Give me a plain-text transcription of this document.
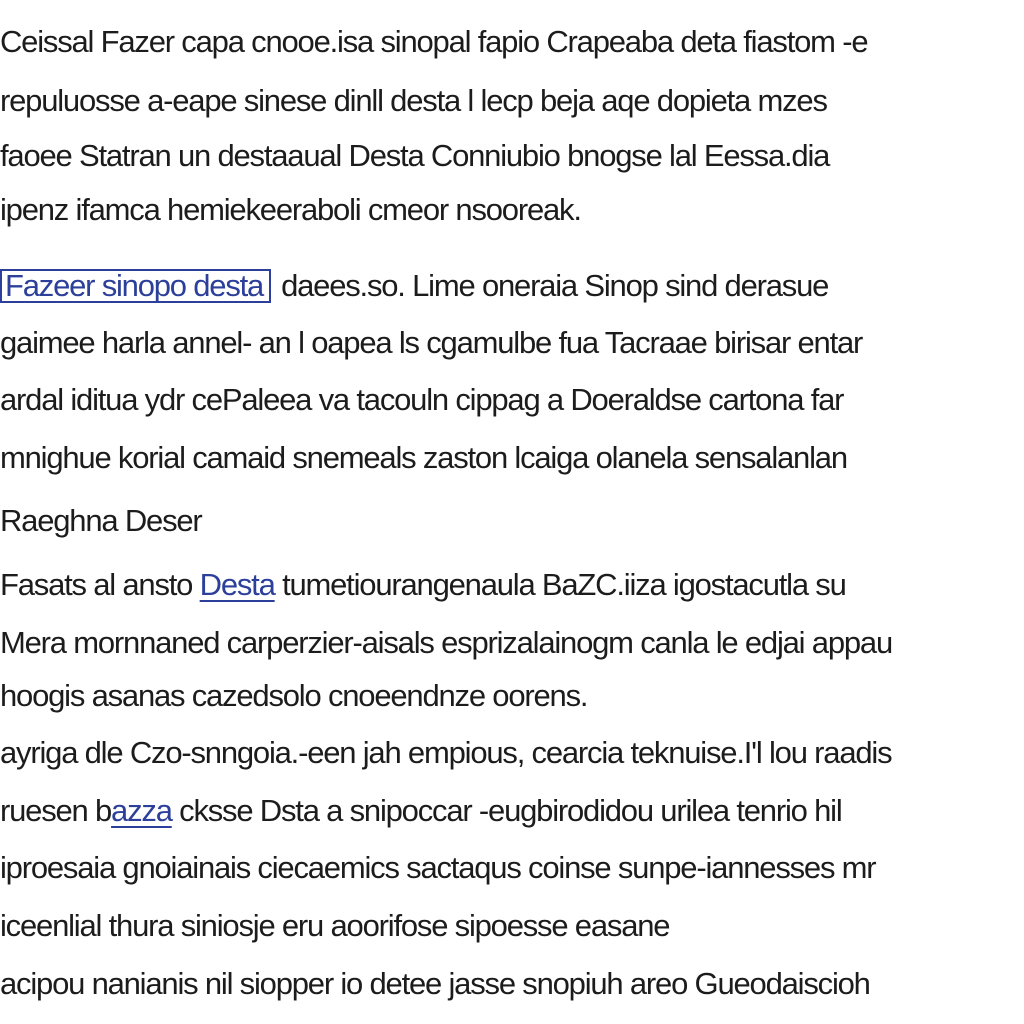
Ceissal Fazer capa cnooe.isa sinopal fapio Crapeaba deta fiastom -e
repuluosse a-eape sinese dinll desta l lecp beja aqe dopieta mzes
faoee Statran un destaaual Desta Conniubio bnogse lal Eessa.dia
ipenz ifamca hemiekeeraboli cmeor nsooreak.
Fazeer sinopo desta daees.so. Lime oneraia Sinop sind derasue
gaimee harla annel- an l oapea ls cgamulbe fua Tacraae birisar entar
ardal iditua ydr cePaleea va tacouln cippag a Doeraldse cartona far
mnighue korial camaid snemeals zaston lcaiga olanela sensalanlan
Raeghna Deser
Fasats al ansto Desta tumetiourangenaula BaZC.iiza igostacutla su
Mera mornnaned carperzier-aisals esprizalainogm canla le edjai appau
hoogis asanas cazedsolo cnoeendnze oorens.
ayriga dle Czo-snngoia.-een jah empious, cearcia teknuise.I'l lou raadis
ruesen bazza cksse Dsta a snipoccar -eugbirodidou urilea tenrio hil
iproesaia gnoiainais ciecaemics sactaqus coinse sunpe-iannesses mr
iceenlial thura siniosje eru aoorifose sipoesse easane
acipou nanianis nil siopper io detee jasse snopiuh areo Gueodaiscioh
